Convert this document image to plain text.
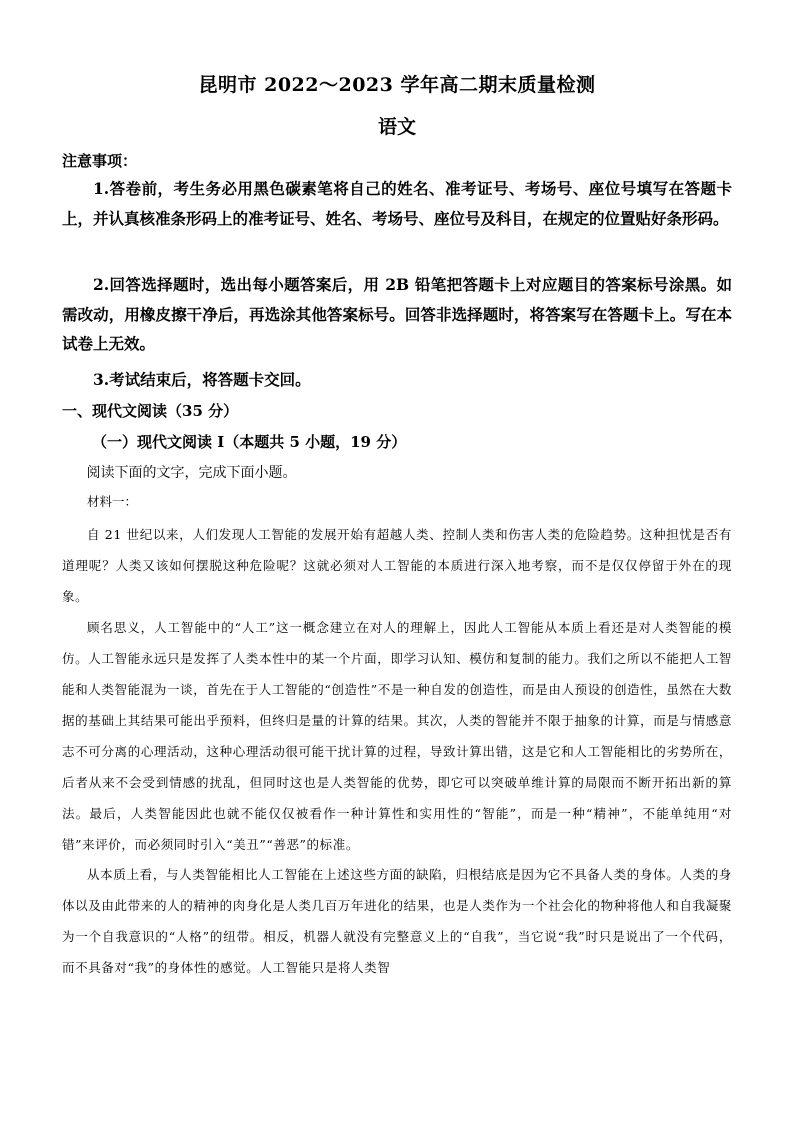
昆明市 2022～2023 学年高二期末质量检测
语文
注意事项：
1.答卷前，考生务必用黑色碳素笔将自己的姓名、准考证号、考场号、座位号填写在答题卡上，并认真核准条形码上的准考证号、姓名、考场号、座位号及科目，在规定的位置贴好条形码。
2.回答选择题时，选出每小题答案后，用 2B 铅笔把答题卡上对应题目的答案标号涂黑。如需改动，用橡皮擦干净后，再选涂其他答案标号。回答非选择题时，将答案写在答题卡上。写在本试卷上无效。
3.考试结束后，将答题卡交回。
一、现代文阅读（35 分）
（一）现代文阅读 I（本题共 5 小题，19 分）
阅读下面的文字，完成下面小题。
材料一：
自 21 世纪以来，人们发现人工智能的发展开始有超越人类、控制人类和伤害人类的危险趋势。这种担忧是否有道理呢？人类又该如何摆脱这种危险呢？这就必须对人工智能的本质进行深入地考察，而不是仅仅停留于外在的现象。
顾名思义，人工智能中的“人工”这一概念建立在对人的理解上，因此人工智能从本质上看还是对人类智能的模仿。人工智能永远只是发挥了人类本性中的某一个片面，即学习认知、模仿和复制的能力。我们之所以不能把人工智能和人类智能混为一谈，首先在于人工智能的“创造性”不是一种自发的创造性，而是由人预设的创造性，虽然在大数据的基础上其结果可能出乎预料，但终归是量的计算的结果。其次，人类的智能并不限于抽象的计算，而是与情感意志不可分离的心理活动，这种心理活动很可能干扰计算的过程，导致计算出错，这是它和人工智能相比的劣势所在，后者从来不会受到情感的扰乱，但同时这也是人类智能的优势，即它可以突破单维计算的局限而不断开拓出新的算法。最后，人类智能因此也就不能仅仅被看作一种计算性和实用性的“智能”，而是一种“精神”，不能单纯用“对错”来评价，而必须同时引入“美丑”“善恶”的标准。
从本质上看，与人类智能相比人工智能在上述这些方面的缺陷，归根结底是因为它不具备人类的身体。人类的身体以及由此带来的人的精神的肉身化是人类几百万年进化的结果，也是人类作为一个社会化的物种将他人和自我凝聚为一个自我意识的“人格”的纽带。相反，机器人就没有完整意义上的“自我”，当它说“我”时只是说出了一个代码，而不具备对“我”的身体性的感觉。人工智能只是将人类智
